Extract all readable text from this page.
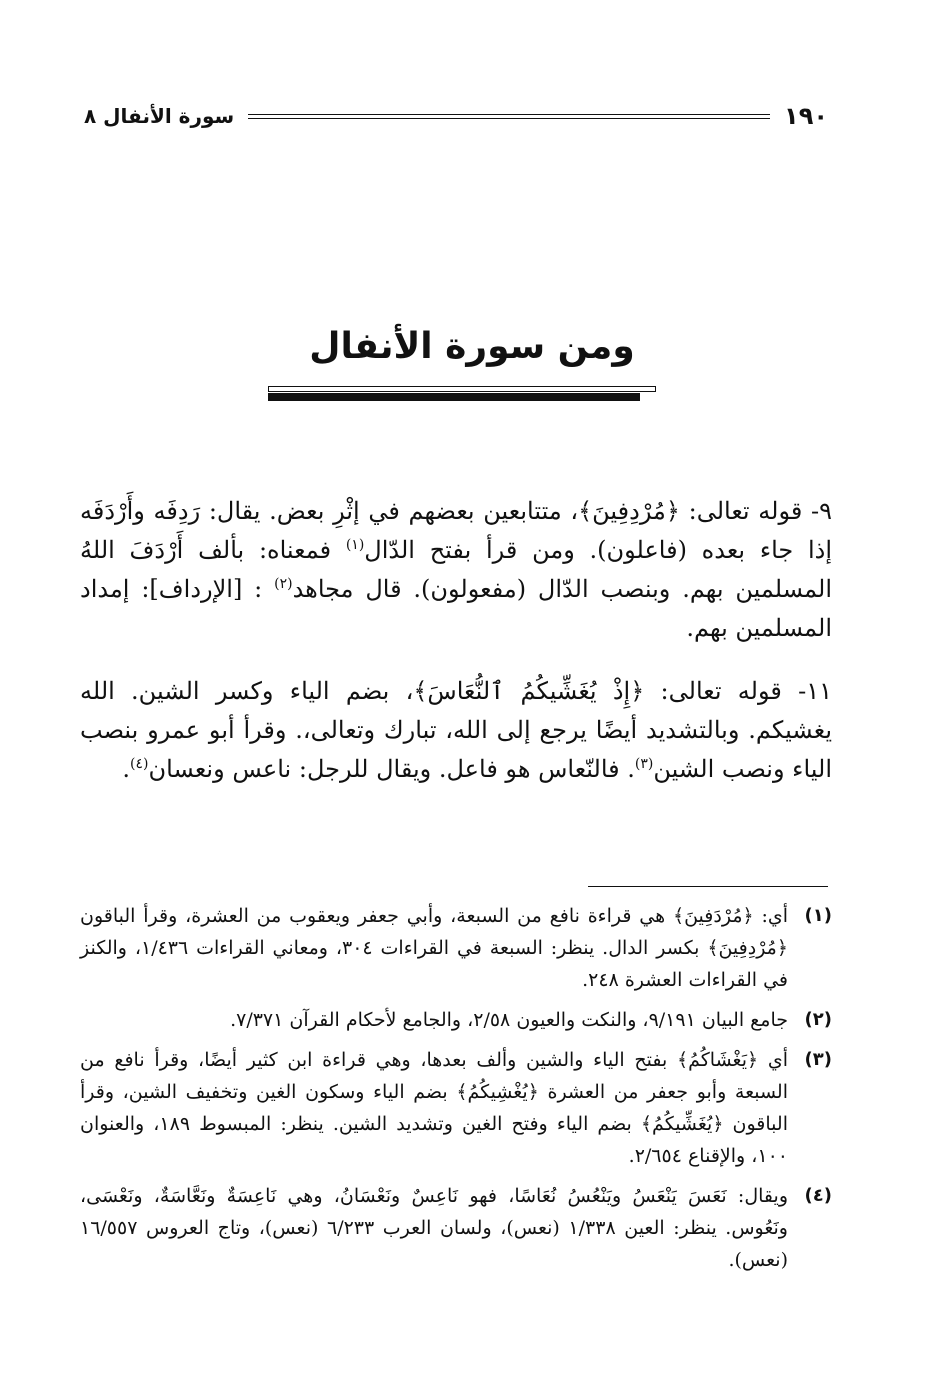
١٩٠
سورة الأنفال ٨
ومن سورة الأنفال

٩- قوله تعالى: ﴿مُرْدِفِينَ﴾، متتابعين بعضهم في إثْرِ بعض. يقال: رَدِفَه وأَرْدَفَه إذا جاء بعده (فاعلون). ومن قرأ بفتح الدّال$^{(١)}$ فمعناه: بألف أَرْدَفَ اللهُ المسلمين بهم. وبنصب الدّال (مفعولون). قال مجاهد$^{(٢)}$ : [الإرداف]: إمداد المسلمين بهم.

١١- قوله تعالى: ﴿إِذْ يُغَشِّيكُمُ ٱلنُّعَاسَ﴾، بضم الياء وكسر الشين. الله يغشيكم. وبالتشديد أيضًا يرجع إلى الله، تبارك وتعالى،. وقرأ أبو عمرو بنصب الياء ونصب الشين$^{(٣)}$. فالنّعاس هو فاعل. ويقال للرجل: ناعس ونعسان$^{(٤)}$.

(١)
أي: ﴿مُرْدَفِينَ﴾ هي قراءة نافع من السبعة، وأبي جعفر ويعقوب من العشرة، وقرأ الباقون ﴿مُرْدِفِينَ﴾ بكسر الدال. ينظر: السبعة في القراءات ٣٠٤، ومعاني القراءات ١/٤٣٦، والكنز في القراءات العشرة ٢٤٨.
(٢)
جامع البيان ٩/١٩١، والنكت والعيون ٢/٥٨، والجامع لأحكام القرآن ٧/٣٧١.
(٣)
أي ﴿يَغْشَاكُمُ﴾ بفتح الياء والشين وألف بعدها، وهي قراءة ابن كثير أيضًا، وقرأ نافع من السبعة وأبو جعفر من العشرة ﴿يُغْشِيكُمُ﴾ بضم الياء وسكون الغين وتخفيف الشين، وقرأ الباقون ﴿يُغَشِّيكُمُ﴾ بضم الياء وفتح الغين وتشديد الشين. ينظر: المبسوط ١٨٩، والعنوان ١٠٠، والإقناع ٢/٦٥٤.
(٤)
ويقال: نَعَسَ يَنْعَسُ ويَنْعُسُ نُعَاسًا، فهو نَاعِسٌ ونَعْسَانُ، وهي نَاعِسَةٌ ونَعَّاسَةٌ، ونَعْسَى، ونَعُوس. ينظر: العين ١/٣٣٨ (نعس)، ولسان العرب ٦/٢٣٣ (نعس)، وتاج العروس ١٦/٥٥٧ (نعس).
